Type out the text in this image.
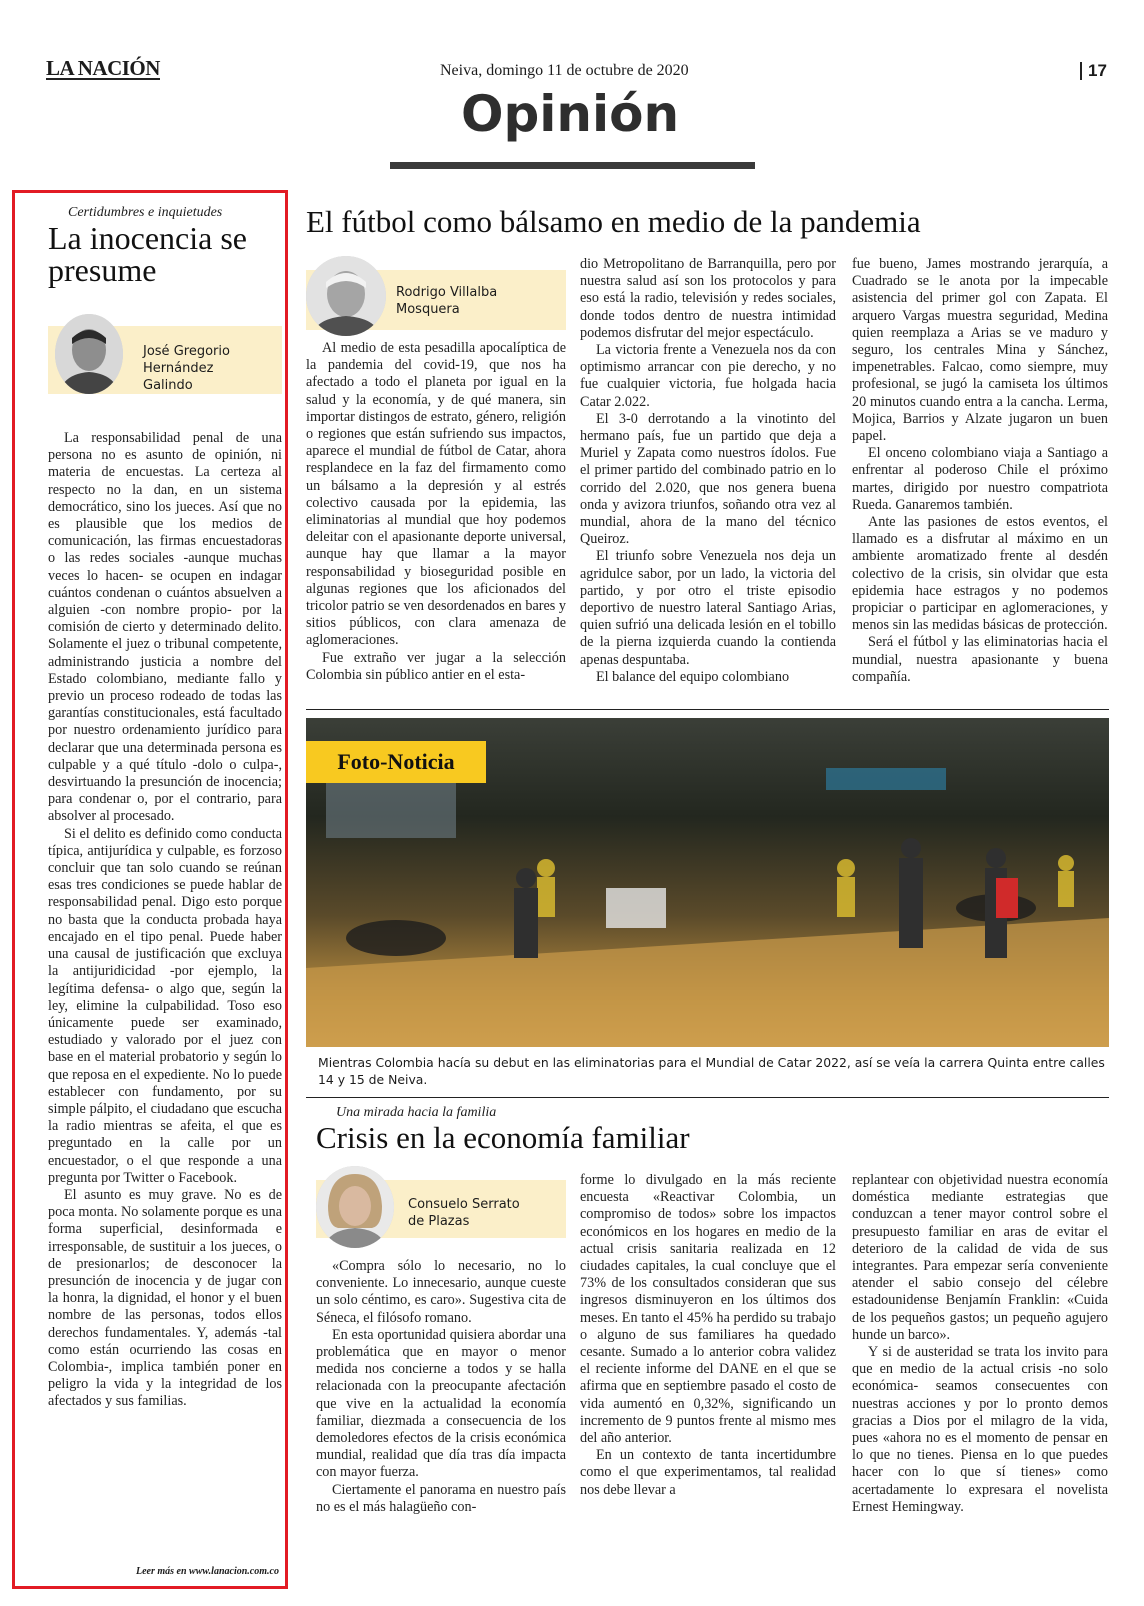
LA NACIÓN	Neiva, domingo 11 de octubre de 2020	17
Opinión
Certidumbres e inquietudes
La inocencia se
presume
José Gregorio
Hernández
Galindo

La responsabilidad penal de una persona no es asunto de opinión, ni materia de encuestas. La certeza al respecto no la dan, en un sistema democrático, sino los jueces. Así que no es plausible que los medios de comunicación, las firmas encuestadoras o las redes sociales -aunque muchas veces lo hacen- se ocupen en indagar cuántos condenan o cuántos absuelven a alguien -con nombre propio- por la comisión de cierto y determinado delito. Solamente el juez o tribunal competente, administrando justicia a nombre del Estado colombiano, mediante fallo y previo un proceso rodeado de todas las garantías constitucionales, está facultado por nuestro ordenamiento jurídico para declarar que una determinada persona es culpable y a qué título -dolo o culpa-, desvirtuando la presunción de inocencia; para condenar o, por el contrario, para absolver al procesado.

Si el delito es definido como conducta típica, antijurídica y culpable, es forzoso concluir que tan solo cuando se reúnan esas tres condiciones se puede hablar de responsabilidad penal. Digo esto porque no basta que la conducta probada haya encajado en el tipo penal. Puede haber una causal de justificación que excluya la antijuridicidad -por ejemplo, la legítima defensa- o algo que, según la ley, elimine la culpabilidad. Toso eso únicamente puede ser examinado, estudiado y valorado por el juez con base en el material probatorio y según lo que reposa en el expediente. No lo puede establecer con fundamento, por su simple pálpito, el ciudadano que escucha la radio mientras se afeita, el que es preguntado en la calle por un encuestador, o el que responde a una pregunta por Twitter o Facebook.

El asunto es muy grave. No es de poca monta. No solamente porque es una forma superficial, desinformada e irresponsable, de sustituir a los jueces, o de presionarlos; de desconocer la presunción de inocencia y de jugar con la honra, la dignidad, el honor y el buen nombre de las personas, todos ellos derechos fundamentales. Y, además -tal como están ocurriendo las cosas en Colombia-, implica también poner en peligro la vida y la integridad de los afectados y sus familias.

Leer más en www.lanacion.com.co
El fútbol como bálsamo en medio de la pandemia
Rodrigo Villalba
Mosquera

Al medio de esta pesadilla apocalíptica de la pandemia del covid-19, que nos ha afectado a todo el planeta por igual en la salud y la economía, y de qué manera, sin importar distingos de estrato, género, religión o regiones que están sufriendo sus impactos, aparece el mundial de fútbol de Catar, ahora resplandece en la faz del firmamento como un bálsamo a la depresión y al estrés colectivo causada por la epidemia, las eliminatorias al mundial que hoy podemos deleitar con el apasionante deporte universal, aunque hay que llamar a la mayor responsabilidad y bioseguridad posible en algunas regiones que los aficionados del tricolor patrio se ven desordenados en bares y sitios públicos, con clara amenaza de aglomeraciones.

Fue extraño ver jugar a la selección Colombia sin público antier en el esta-

dio Metropolitano de Barranquilla, pero por nuestra salud así son los protocolos y para eso está la radio, televisión y redes sociales, donde todos dentro de nuestra intimidad podemos disfrutar del mejor espectáculo.

La victoria frente a Venezuela nos da con optimismo arrancar con pie derecho, y no fue cualquier victoria, fue holgada hacia Catar 2.022.

El 3-0 derrotando a la vinotinto del hermano país, fue un partido que deja a Muriel y Zapata como nuestros ídolos. Fue el primer partido del combinado patrio en lo corrido del 2.020, que nos genera buena onda y avizora triunfos, soñando otra vez al mundial, ahora de la mano del técnico Queiroz.

El triunfo sobre Venezuela nos deja un agridulce sabor, por un lado, la victoria del partido, y por otro el triste episodio deportivo de nuestro lateral Santiago Arias, quien sufrió una delicada lesión en el tobillo de la pierna izquierda cuando la contienda apenas despuntaba.

El balance del equipo colombiano

fue bueno, James mostrando jerarquía, a Cuadrado se le anota por la impecable asistencia del primer gol con Zapata. El arquero Vargas muestra seguridad, Medina quien reemplaza a Arias se ve maduro y seguro, los centrales Mina y Sánchez, impenetrables. Falcao, como siempre, muy profesional, se jugó la camiseta los últimos 20 minutos cuando entra a la cancha. Lerma, Mojica, Barrios y Alzate jugaron un buen papel.

El onceno colombiano viaja a Santiago a enfrentar al poderoso Chile el próximo martes, dirigido por nuestro compatriota Rueda. Ganaremos también.

Ante las pasiones de estos eventos, el llamado es a disfrutar al máximo en un ambiente aromatizado frente al desdén colectivo de la crisis, sin olvidar que esta epidemia hace estragos y no podemos propiciar o participar en aglomeraciones, y menos sin las medidas básicas de protección.

Será el fútbol y las eliminatorias hacia el mundial, nuestra apasionante y buena compañía.

Foto-Noticia
Mientras Colombia hacía su debut en las eliminatorias para el Mundial de Catar 2022, así se veía la carrera Quinta entre calles 14 y 15 de Neiva.
Una mirada hacia la familia
Crisis en la economía familiar
Consuelo Serrato
de Plazas

«Compra sólo lo necesario, no lo conveniente. Lo innecesario, aunque cueste un solo céntimo, es caro». Sugestiva cita de Séneca, el filósofo romano.

En esta oportunidad quisiera abordar una problemática que en mayor o menor medida nos concierne a todos y se halla relacionada con la preocupante afectación que vive en la actualidad la economía familiar, diezmada a consecuencia de los demoledores efectos de la crisis económica mundial, realidad que día tras día impacta con mayor fuerza.

Ciertamente el panorama en nuestro país no es el más halagüeño con-

forme lo divulgado en la más reciente encuesta «Reactivar Colombia, un compromiso de todos» sobre los impactos económicos en los hogares en medio de la actual crisis sanitaria realizada en 12 ciudades capitales, la cual concluye que el 73% de los consultados consideran que sus ingresos disminuyeron en los últimos dos meses. En tanto el 45% ha perdido su trabajo o alguno de sus familiares ha quedado cesante. Sumado a lo anterior cobra validez el reciente informe del DANE en el que se afirma que en septiembre pasado el costo de vida aumentó en 0,32%, significando un incremento de 9 puntos frente al mismo mes del año anterior.

En un contexto de tanta incertidumbre como el que experimentamos, tal realidad nos debe llevar a

replantear con objetividad nuestra economía doméstica mediante estrategias que conduzcan a tener mayor control sobre el presupuesto familiar en aras de evitar el deterioro de la calidad de vida de sus integrantes. Para empezar sería conveniente atender el sabio consejo del célebre estadounidense Benjamín Franklin: «Cuida de los pequeños gastos; un pequeño agujero hunde un barco».

Y si de austeridad se trata los invito para que en medio de la actual crisis -no solo económica- seamos consecuentes con nuestras acciones y por lo pronto demos gracias a Dios por el milagro de la vida, pues «ahora no es el momento de pensar en lo que no tienes. Piensa en lo que puedes hacer con lo que sí tienes» como acertadamente lo expresara el novelista Ernest Hemingway.
